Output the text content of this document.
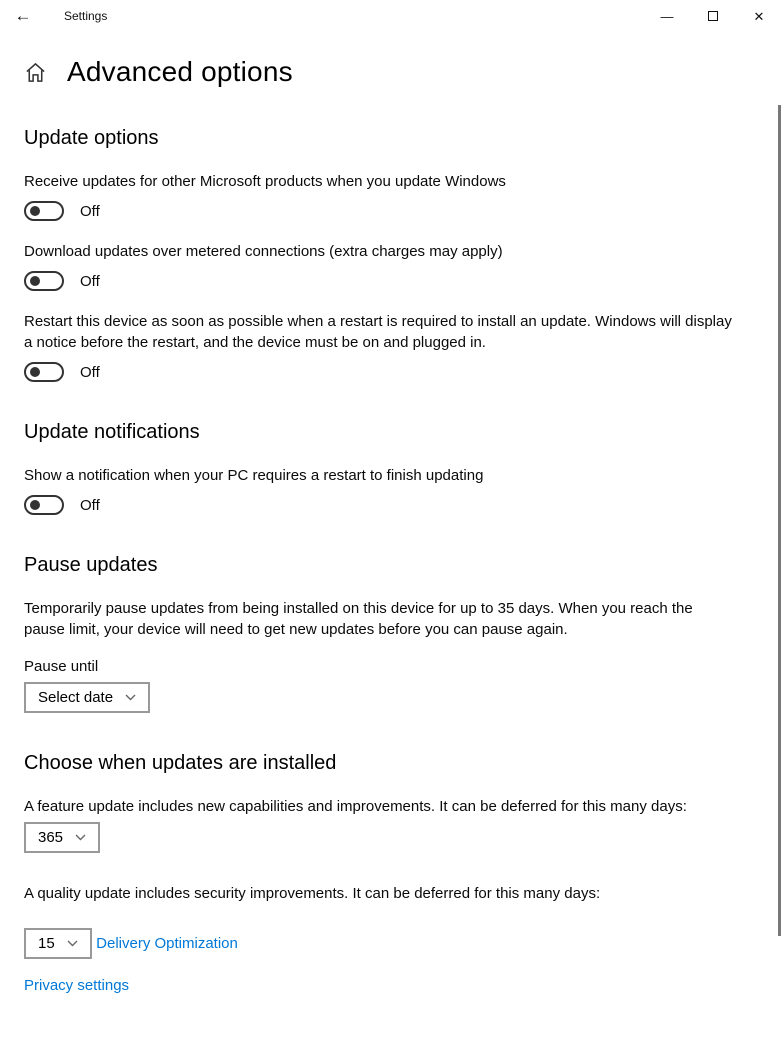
←	Settings	—	✕
Advanced options
Update options
Receive updates for other Microsoft products when you update Windows
Off
Download updates over metered connections (extra charges may apply)
Off
Restart this device as soon as possible when a restart is required to install an update. Windows will display a notice before the restart, and the device must be on and plugged in.
Off
Update notifications
Show a notification when your PC requires a restart to finish updating
Off
Pause updates
Temporarily pause updates from being installed on this device for up to 35 days. When you reach the pause limit, your device will need to get new updates before you can pause again.
Pause until
Select date
Choose when updates are installed
A feature update includes new capabilities and improvements. It can be deferred for this many days:
365
A quality update includes security improvements. It can be deferred for this many days:
15	Delivery Optimization
Privacy settings
